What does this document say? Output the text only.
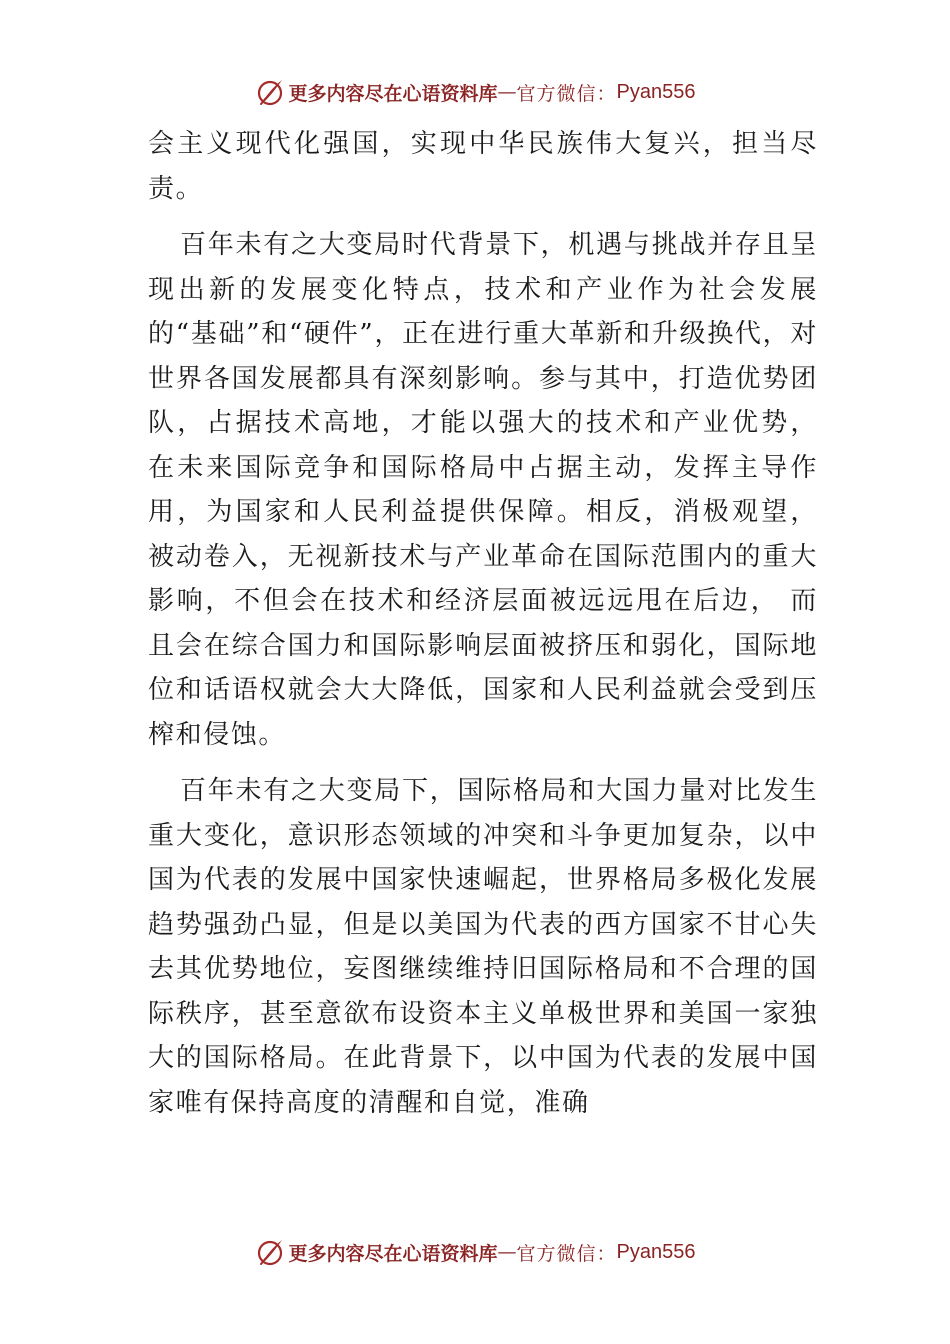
更多内容尽在心语资料库 — 官方微信： Pyan556

会主义现代化强国，实现中华民族伟大复兴，担当尽责。

百年未有之大变局时代背景下，机遇与挑战并存且呈现出新的发展变化特点，技术和产业作为社会发展的“基础”和“硬件”，正在进行重大革新和升级换代，对世界各国发展都具有深刻影响。参与其中，打造优势团队，占据技术高地，才能以强大的技术和产业优势， 在未来国际竞争和国际格局中占据主动，发挥主导作用，为国家和人民利益提供保障。相反，消极观望， 被动卷入，无视新技术与产业革命在国际范围内的重大影响，不但会在技术和经济层面被远远甩在后边， 而且会在综合国力和国际影响层面被挤压和弱化，国际地位和话语权就会大大降低，国家和人民利益就会受到压榨和侵蚀。

百年未有之大变局下，国际格局和大国力量对比发生重大变化，意识形态领域的冲突和斗争更加复杂，以中国为代表的发展中国家快速崛起，世界格局多极化发展趋势强劲凸显，但是以美国为代表的西方国家不甘心失去其优势地位，妄图继续维持旧国际格局和不合理的国际秩序，甚至意欲布设资本主义单极世界和美国一家独大的国际格局。在此背景下，以中国为代表的发展中国家唯有保持高度的清醒和自觉，准确

更多内容尽在心语资料库 — 官方微信： Pyan556
